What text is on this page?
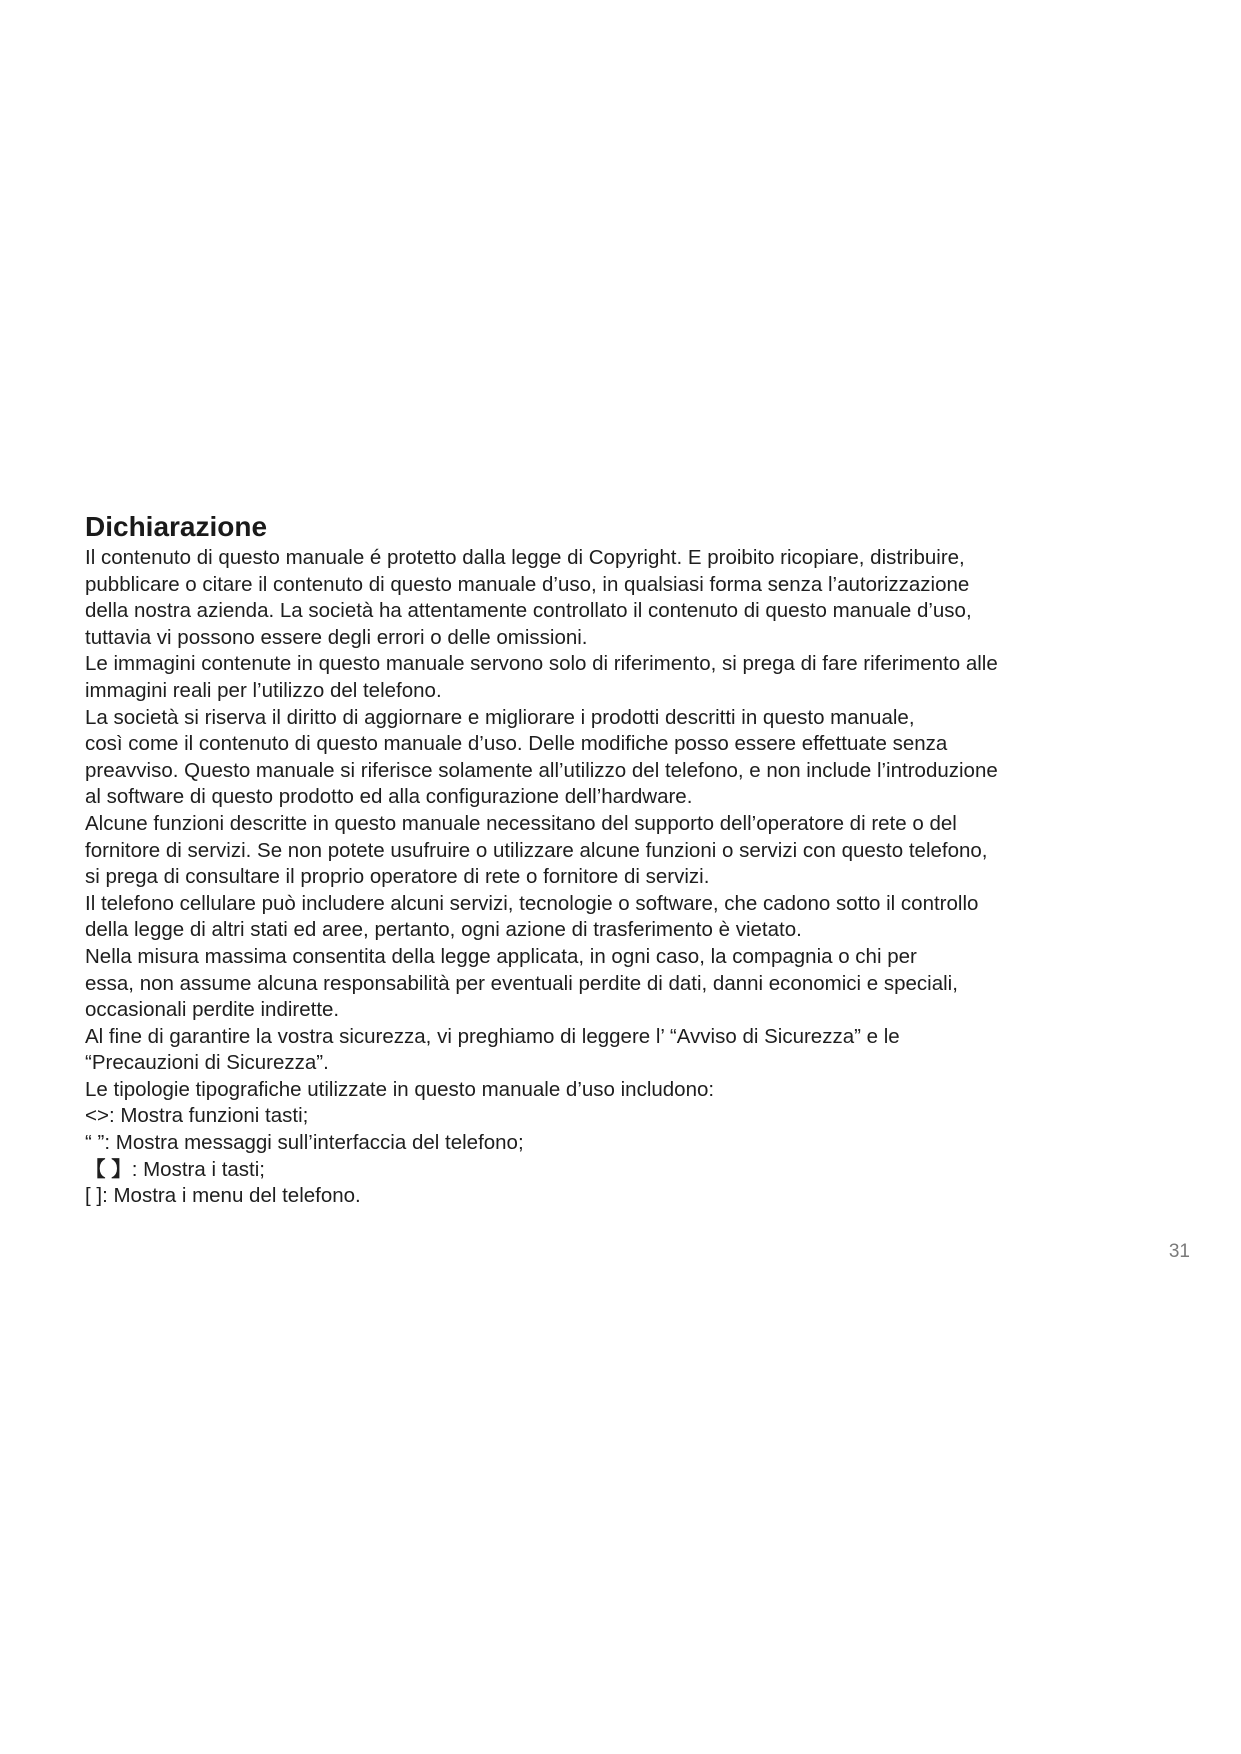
Dichiarazione

Il contenuto di questo manuale é protetto dalla legge di Copyright. E proibito ricopiare, distribuire,

pubblicare o citare il contenuto di questo manuale d’uso, in qualsiasi forma senza l’autorizzazione

della nostra azienda. La società ha attentamente controllato il contenuto di questo manuale d’uso,

tuttavia vi possono essere degli errori o delle omissioni.

Le immagini contenute in questo manuale servono solo di riferimento, si prega di fare riferimento alle

immagini reali per l’utilizzo del telefono.

La società si riserva il diritto di aggiornare e migliorare i prodotti descritti in questo manuale,

così come il contenuto di questo manuale d’uso. Delle modifiche posso essere effettuate senza

preavviso. Questo manuale si riferisce solamente all’utilizzo del telefono, e non include l’introduzione

al software di questo prodotto ed alla configurazione dell’hardware.

Alcune funzioni descritte in questo manuale necessitano del supporto dell’operatore di rete o del

fornitore di servizi. Se non potete usufruire o utilizzare alcune funzioni o servizi con questo telefono,

si prega di consultare il proprio operatore di rete o fornitore di servizi.

Il telefono cellulare può includere alcuni servizi, tecnologie o software, che cadono sotto il controllo

della legge di altri stati ed aree, pertanto, ogni azione di trasferimento è vietato.

Nella misura massima consentita della legge applicata, in ogni caso, la compagnia o chi per

essa, non assume alcuna responsabilità per eventuali perdite di dati, danni economici e speciali,

occasionali perdite indirette.

Al fine di garantire la vostra sicurezza, vi preghiamo di leggere l’ “Avviso di Sicurezza” e le

“Precauzioni di Sicurezza”.

Le tipologie tipografiche utilizzate in questo manuale d’uso includono:

<>: Mostra funzioni tasti;

“ ”: Mostra messaggi sull’interfaccia del telefono;

【 】: Mostra i tasti;

[ ]: Mostra i menu del telefono.

31
